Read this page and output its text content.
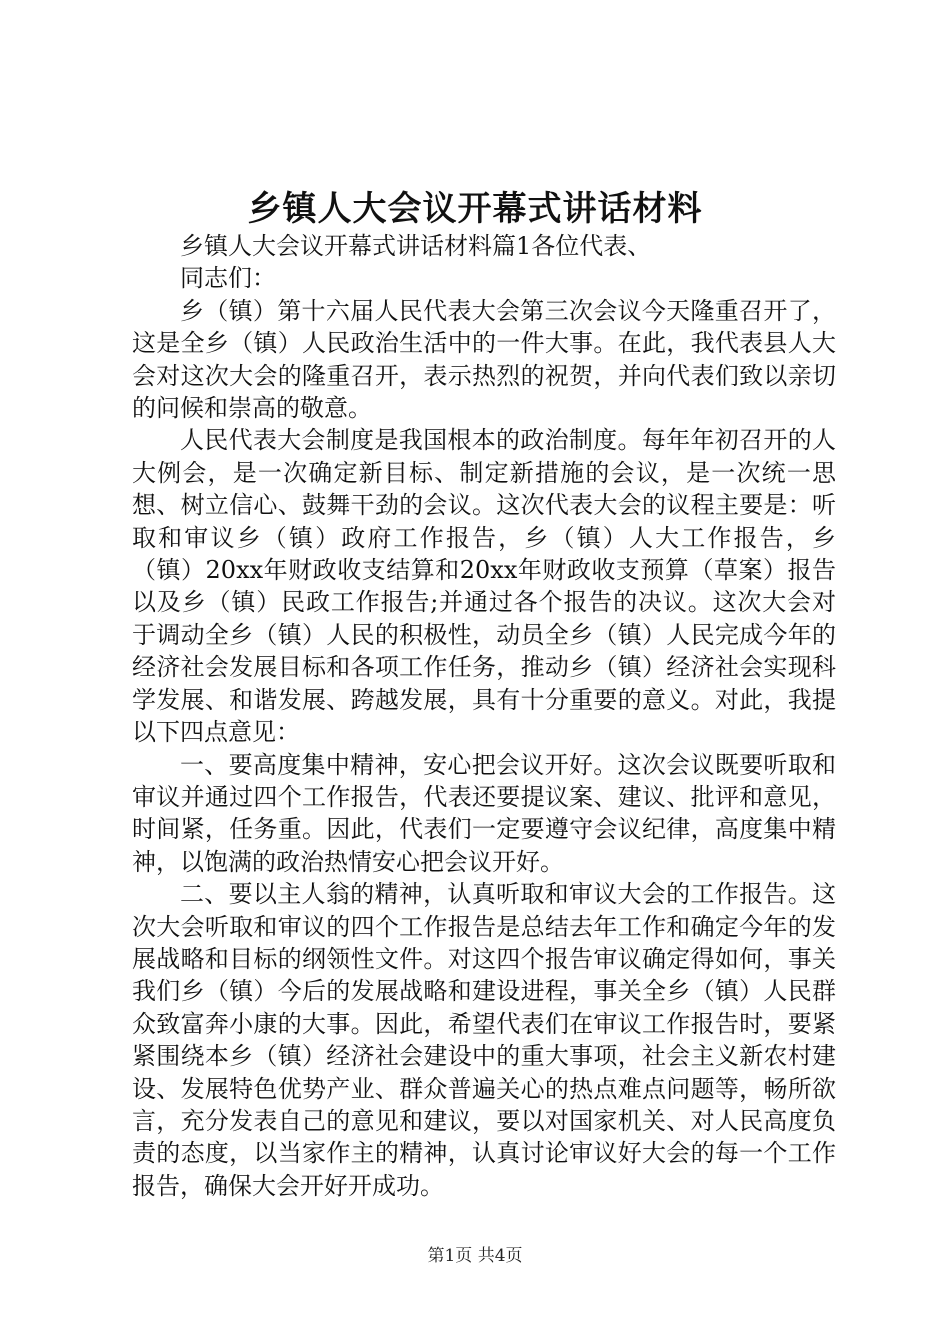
乡镇人大会议开幕式讲话材料

乡镇人大会议开幕式讲话材料篇1各位代表、

同志们：

乡（镇）第十六届人民代表大会第三次会议今天隆重召开了，这是全乡（镇）人民政治生活中的一件大事。在此，我代表县人大会对这次大会的隆重召开，表示热烈的祝贺，并向代表们致以亲切的问候和崇高的敬意。

人民代表大会制度是我国根本的政治制度。每年年初召开的人大例会，是一次确定新目标、制定新措施的会议，是一次统一思想、树立信心、鼓舞干劲的会议。这次代表大会的议程主要是：听取和审议乡（镇）政府工作报告，乡（镇）人大工作报告，乡（镇）20xx年财政收支结算和20xx年财政收支预算（草案）报告以及乡（镇）民政工作报告;并通过各个报告的决议。这次大会对于调动全乡（镇）人民的积极性，动员全乡（镇）人民完成今年的经济社会发展目标和各项工作任务，推动乡（镇）经济社会实现科学发展、和谐发展、跨越发展，具有十分重要的意义。对此，我提以下四点意见：

一、要高度集中精神，安心把会议开好。这次会议既要听取和审议并通过四个工作报告，代表还要提议案、建议、批评和意见，时间紧，任务重。因此，代表们一定要遵守会议纪律，高度集中精神，以饱满的政治热情安心把会议开好。

二、要以主人翁的精神，认真听取和审议大会的工作报告。这次大会听取和审议的四个工作报告是总结去年工作和确定今年的发展战略和目标的纲领性文件。对这四个报告审议确定得如何，事关我们乡（镇）今后的发展战略和建设进程，事关全乡（镇）人民群众致富奔小康的大事。因此，希望代表们在审议工作报告时，要紧紧围绕本乡（镇）经济社会建设中的重大事项，社会主义新农村建设、发展特色优势产业、群众普遍关心的热点难点问题等，畅所欲言，充分发表自己的意见和建议，要以对国家机关、对人民高度负责的态度，以当家作主的精神，认真讨论审议好大会的每一个工作报告，确保大会开好开成功。

第1页 共4页
